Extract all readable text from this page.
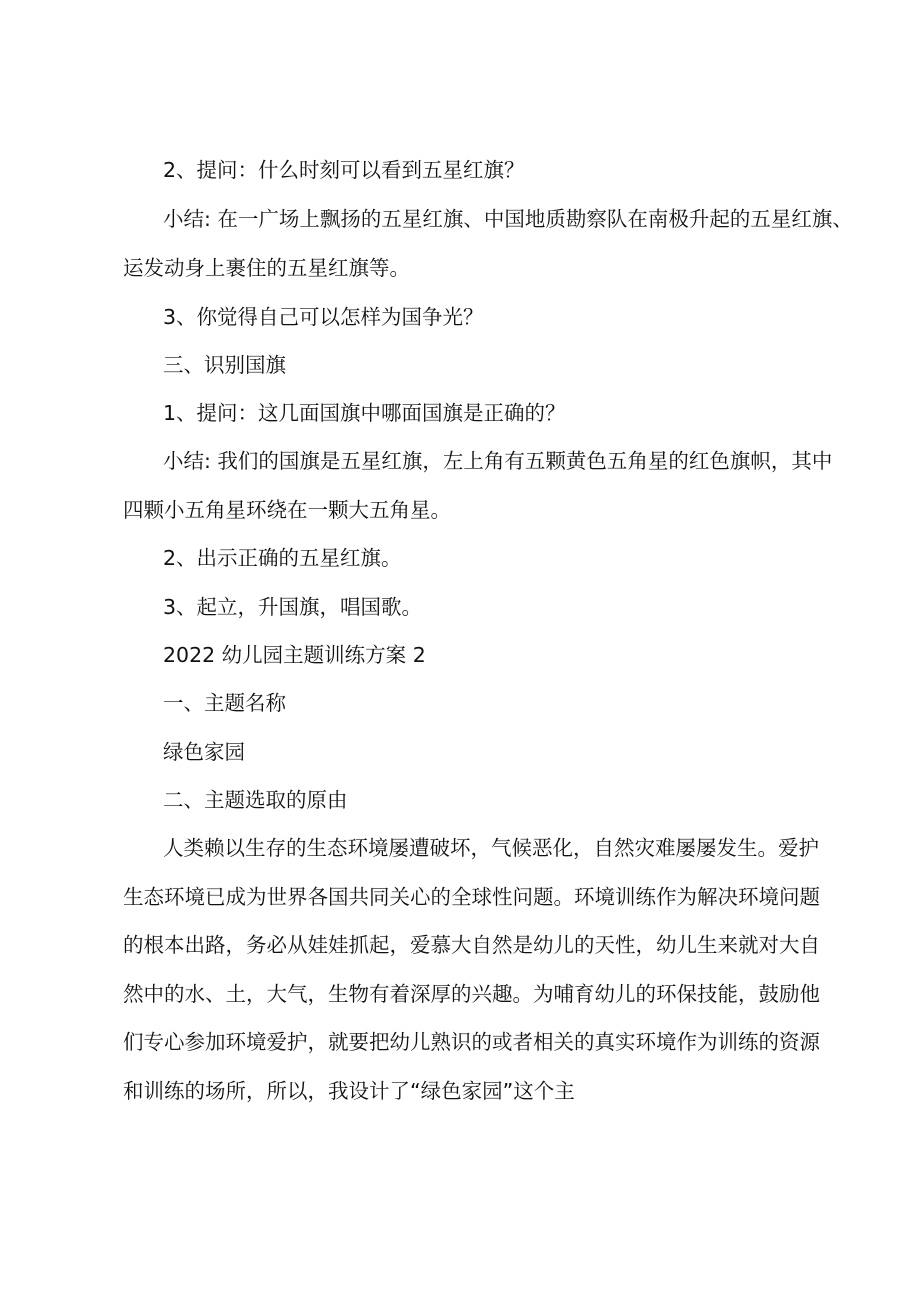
2、提问：什么时刻可以看到五星红旗？
小结: 在一广场上飘扬的五星红旗、中国地质勘察队在南极升起的五星红旗、
运发动身上裹住的五星红旗等。
3、你觉得自己可以怎样为国争光？
三、识别国旗
1、提问：这几面国旗中哪面国旗是正确的？
小结: 我们的国旗是五星红旗，左上角有五颗黄色五角星的红色旗帜，其中
四颗小五角星环绕在一颗大五角星。
2、出示正确的五星红旗。
3、起立，升国旗，唱国歌。
2022 幼儿园主题训练方案 2
一、主题名称
绿色家园
二、主题选取的原由
人类赖以生存的生态环境屡遭破坏，气候恶化，自然灾难屡屡发生。爱护
生态环境已成为世界各国共同关心的全球性问题。环境训练作为解决环境问题
的根本出路，务必从娃娃抓起，爱慕大自然是幼儿的天性，幼儿生来就对大自
然中的水、土，大气，生物有着深厚的兴趣。为哺育幼儿的环保技能，鼓励他
们专心参加环境爱护，就要把幼儿熟识的或者相关的真实环境作为训练的资源
和训练的场所，所以，我设计了“绿色家园”这个主
